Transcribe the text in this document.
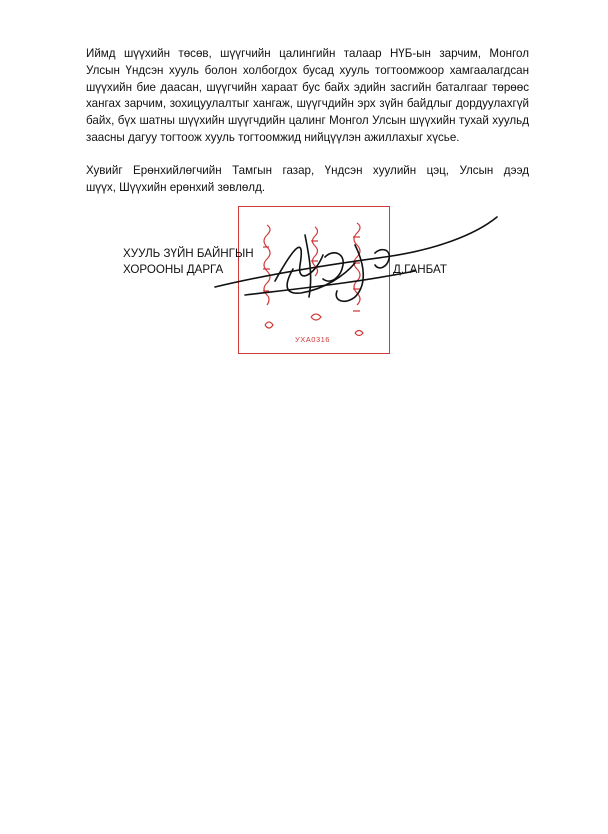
Иймд шүүхийн төсөв, шүүгчийн цалингийн талаар НҮБ-ын зарчим, Монгол
Улсын Үндсэн хууль болон холбогдох бусад хууль тогтоомжоор хамгаалагдсан
шүүхийн бие даасан, шүүгчийн хараат бус байх эдийн засгийн баталгааг төрөөс
хангах зарчим, зохицуулалтыг хангаж, шүүгчдийн эрх зүйн байдлыг дордуулахгүй
байх, бүх шатны шүүхийн шүүгчдийн цалинг Монгол Улсын шүүхийн тухай хуульд
заасны дагуу тогтоож хууль тогтоомжид нийцүүлэн ажиллахыг хүсье.

Хувийг Ерөнхийлөгчийн Тамгын газар, Үндсэн хуулийн цэц, Улсын дээд
шүүх, Шүүхийн ерөнхий зөвлөлд.

УХА0316
ХУУЛЬ ЗҮЙН БАЙНГЫН
ХОРООНЫ ДАРГА	Д.ГАНБАТ
